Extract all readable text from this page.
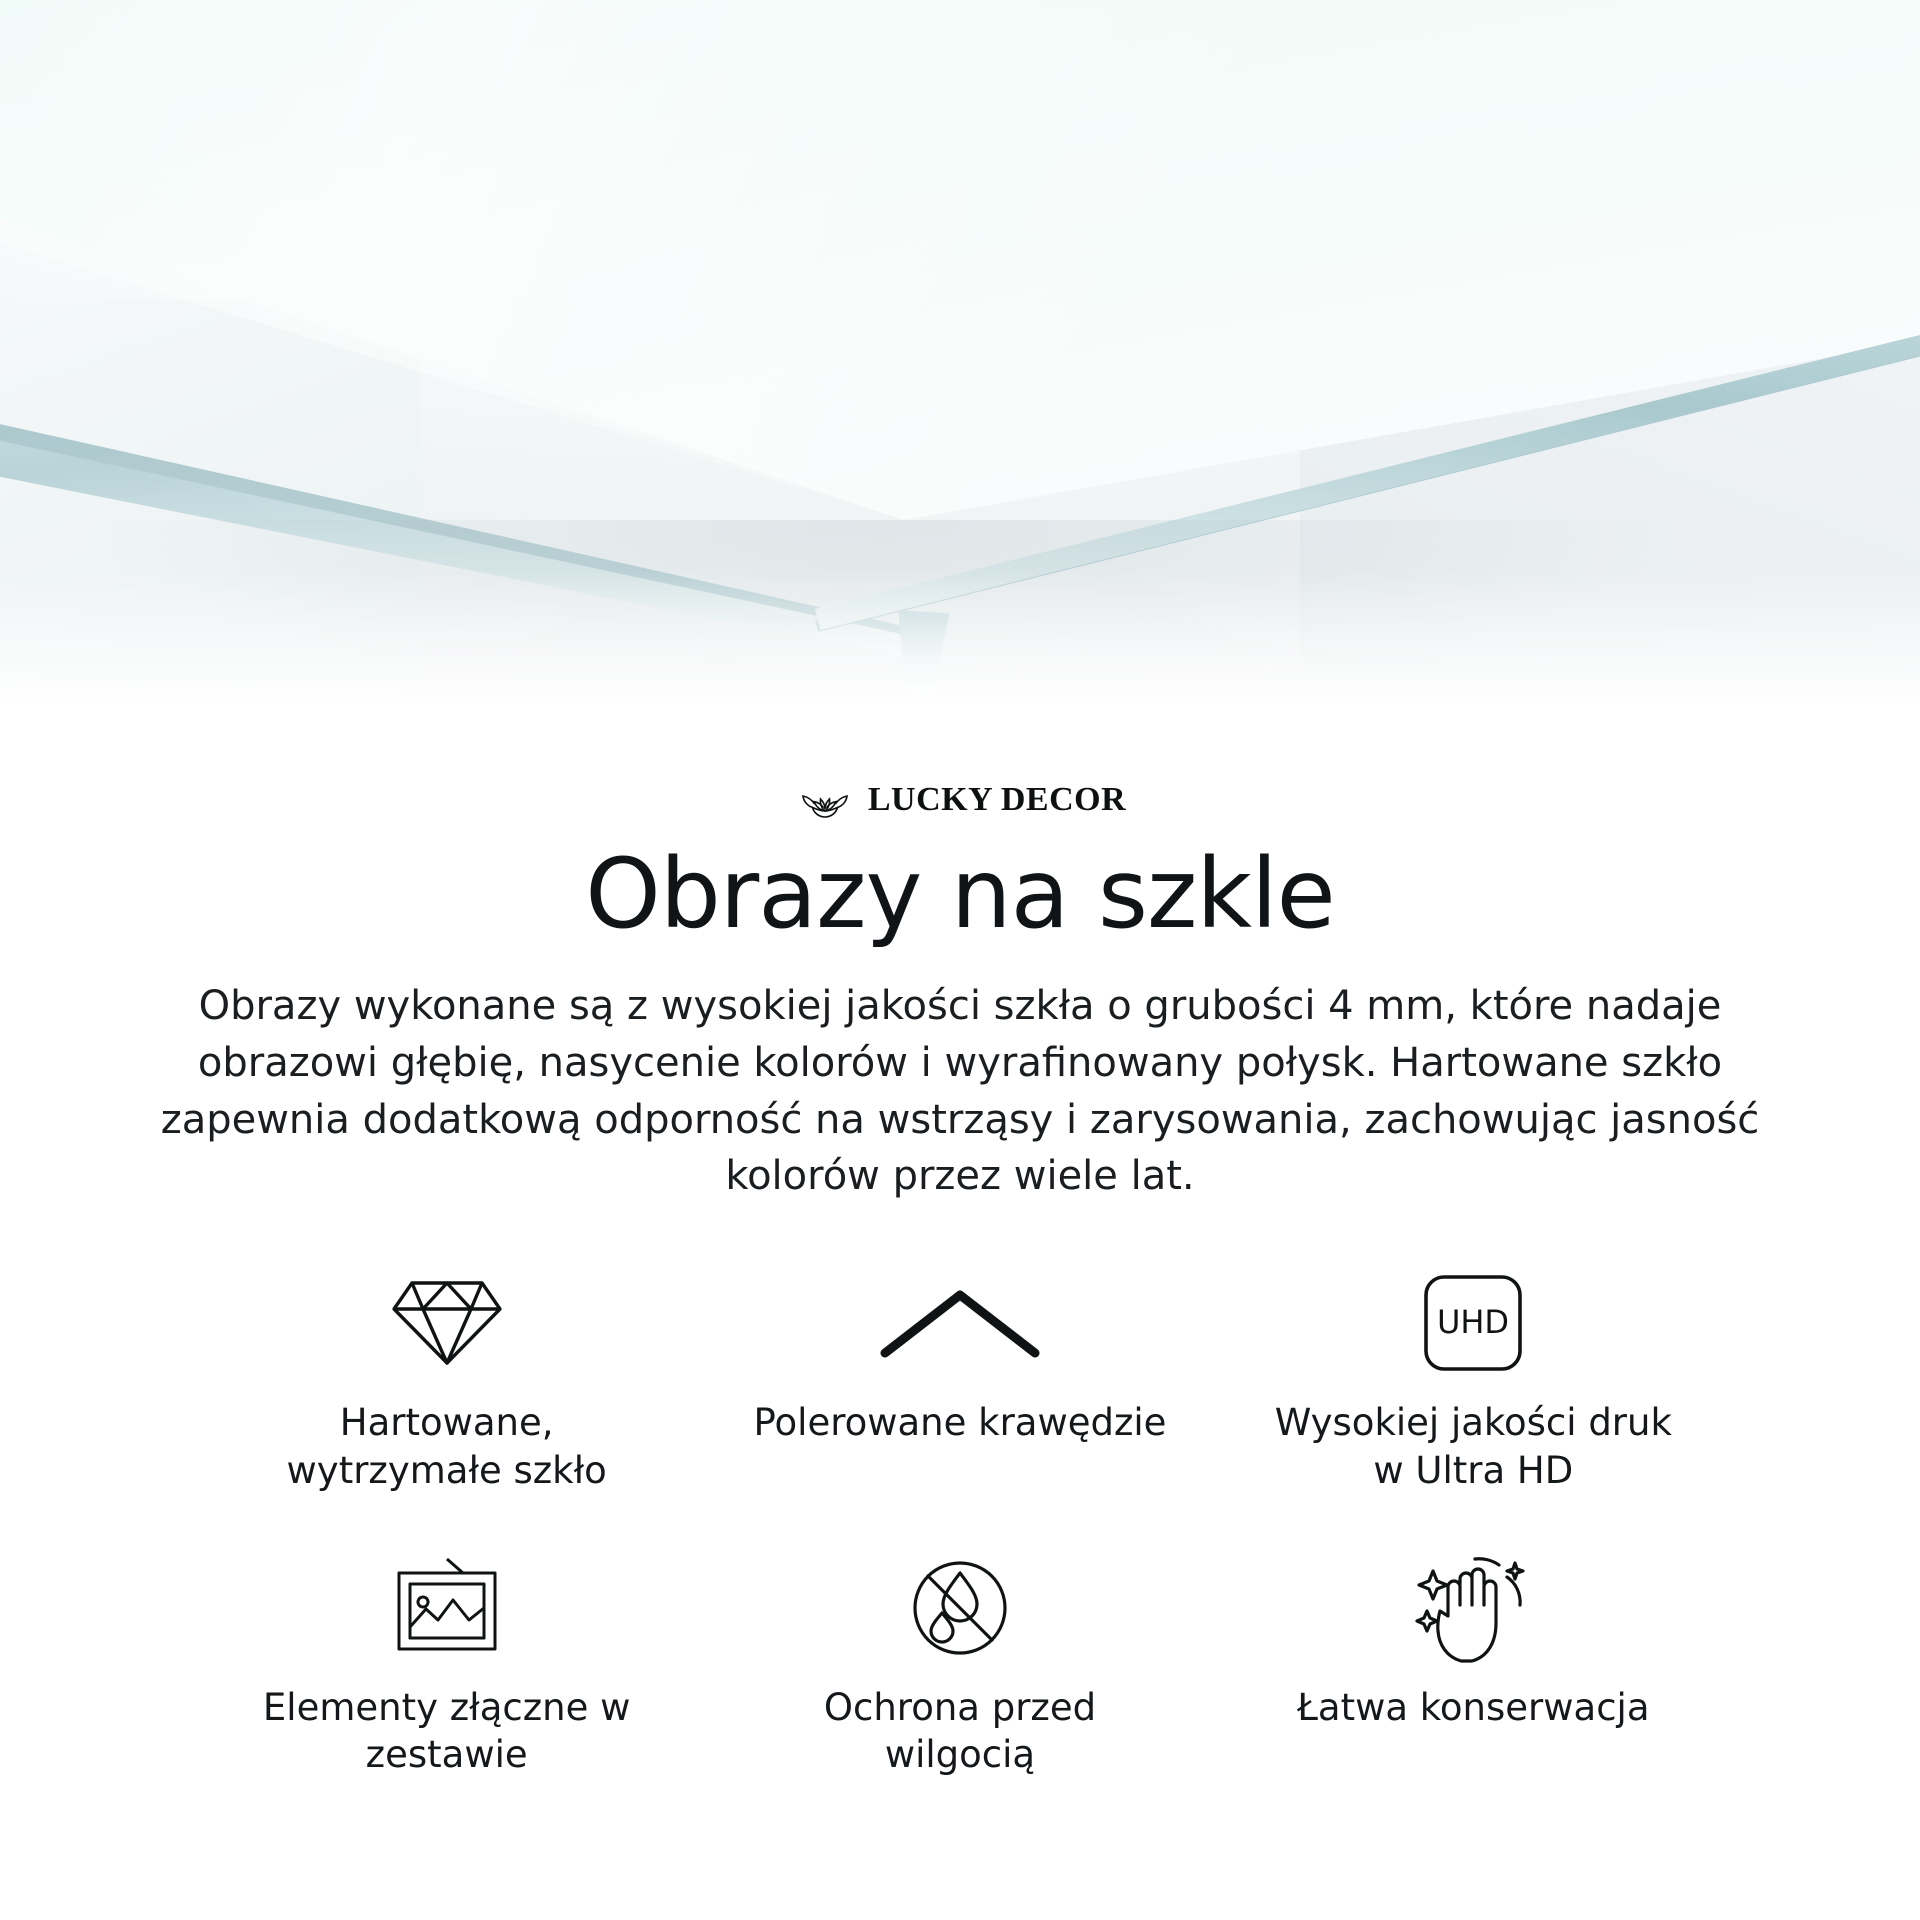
LUCKY DECOR
Obrazy na szkle

Obrazy wykonane są z wysokiej jakości szkła o grubości 4 mm, które nadaje obrazowi głębię, nasycenie kolorów i wyrafinowany połysk. Hartowane szkło zapewnia dodatkową odporność na wstrząsy i zarysowania, zachowując jasność kolorów przez wiele lat.

Hartowane, wytrzymałe szkło
Polerowane krawędzie
UHD
Wysokiej jakości druk w Ultra HD
Elementy złączne w zestawie
Ochrona przed wilgocią
Łatwa konserwacja
